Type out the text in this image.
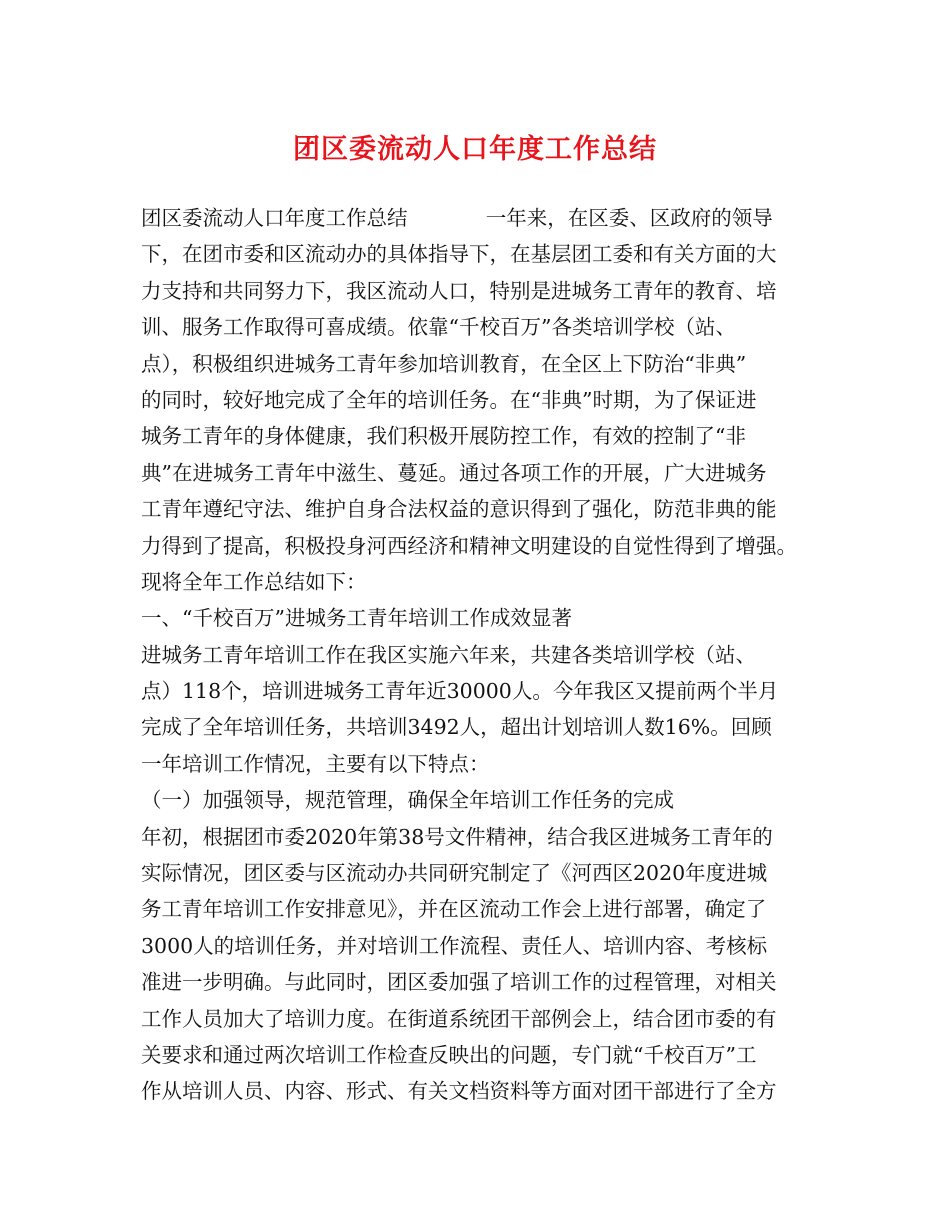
团区委流动人口年度工作总结
团区委流动人口年度工作总结            一年来，在区委、区政府的领导
下，在团市委和区流动办的具体指导下，在基层团工委和有关方面的大
力支持和共同努力下，我区流动人口，特别是进城务工青年的教育、培
训、服务工作取得可喜成绩。依靠“千校百万”各类培训学校（站、
点），积极组织进城务工青年参加培训教育，在全区上下防治“非典”
的同时，较好地完成了全年的培训任务。在“非典”时期，为了保证进
城务工青年的身体健康，我们积极开展防控工作，有效的控制了“非
典”在进城务工青年中滋生、蔓延。通过各项工作的开展，广大进城务
工青年遵纪守法、维护自身合法权益的意识得到了强化，防范非典的能
力得到了提高，积极投身河西经济和精神文明建设的自觉性得到了增强。
现将全年工作总结如下：
一、“千校百万”进城务工青年培训工作成效显著
进城务工青年培训工作在我区实施六年来，共建各类培训学校（站、
点）118个，培训进城务工青年近30000人。今年我区又提前两个半月
完成了全年培训任务，共培训3492人，超出计划培训人数16%。回顾
一年培训工作情况，主要有以下特点：
（一）加强领导，规范管理，确保全年培训工作任务的完成
年初，根据团市委2020年第38号文件精神，结合我区进城务工青年的
实际情况，团区委与区流动办共同研究制定了《河西区2020年度进城
务工青年培训工作安排意见》，并在区流动工作会上进行部署，确定了
3000人的培训任务，并对培训工作流程、责任人、培训内容、考核标
准进一步明确。与此同时，团区委加强了培训工作的过程管理，对相关
工作人员加大了培训力度。在街道系统团干部例会上，结合团市委的有
关要求和通过两次培训工作检查反映出的问题，专门就“千校百万”工
作从培训人员、内容、形式、有关文档资料等方面对团干部进行了全方
